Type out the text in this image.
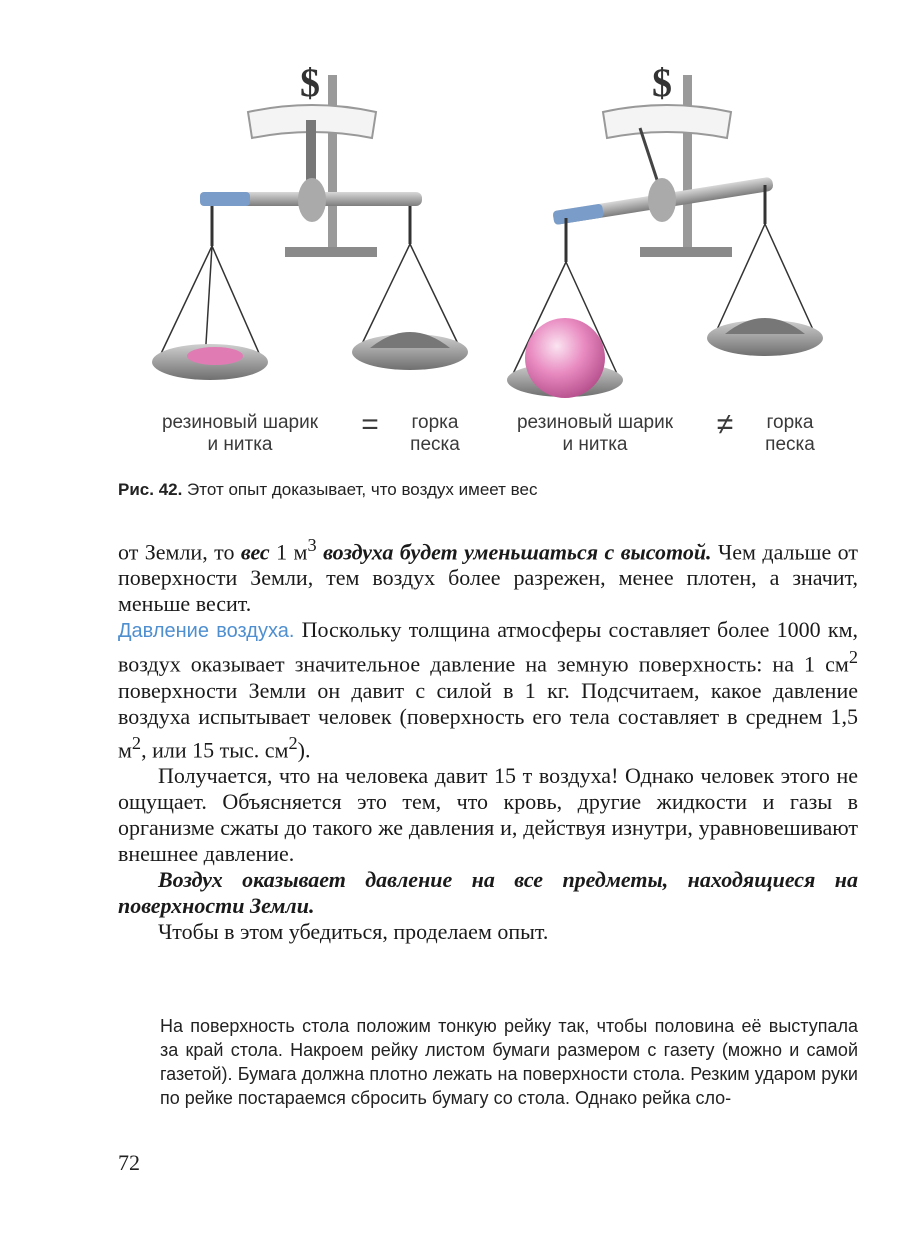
$	$
резиновый шарик
и нитка
=	горка
песка
резиновый шарик
и нитка
≠	горка
песка
Рис. 42. Этот опыт доказывает, что воздух имеет вес

от Земли, то вес 1 $м^3$ воздуха будет уменьшаться с высотой. Чем дальше от поверхности Земли, тем воздух более разрежен, менее плотен, а значит, меньше весит.

Давление воздуха. Поскольку толщина атмосферы составляет более 1000 км, воздух оказывает значительное давление на земную поверхность: на 1 $см^2$ поверхности Земли он давит с силой в 1 кг. Подсчитаем, какое давление воздуха испытывает человек (поверхность его тела составляет в среднем 1,5 $м^2$, или 15 тыс. $см^2$).

Получается, что на человека давит 15 т воздуха! Однако человек этого не ощущает. Объясняется это тем, что кровь, другие жидкости и газы в организме сжаты до такого же давления и, действуя изнутри, уравновешивают внешнее давление.

Воздух оказывает давление на все предметы, находящиеся на поверхности Земли.

Чтобы в этом убедиться, проделаем опыт.

На поверхность стола положим тонкую рейку так, чтобы половина её выступала за край стола. Накроем рейку листом бумаги размером с газету (можно и самой газетой). Бумага должна плотно лежать на поверхности стола. Резким ударом руки по рейке постараемся сбросить бумагу со стола. Однако рейка сло-
72
